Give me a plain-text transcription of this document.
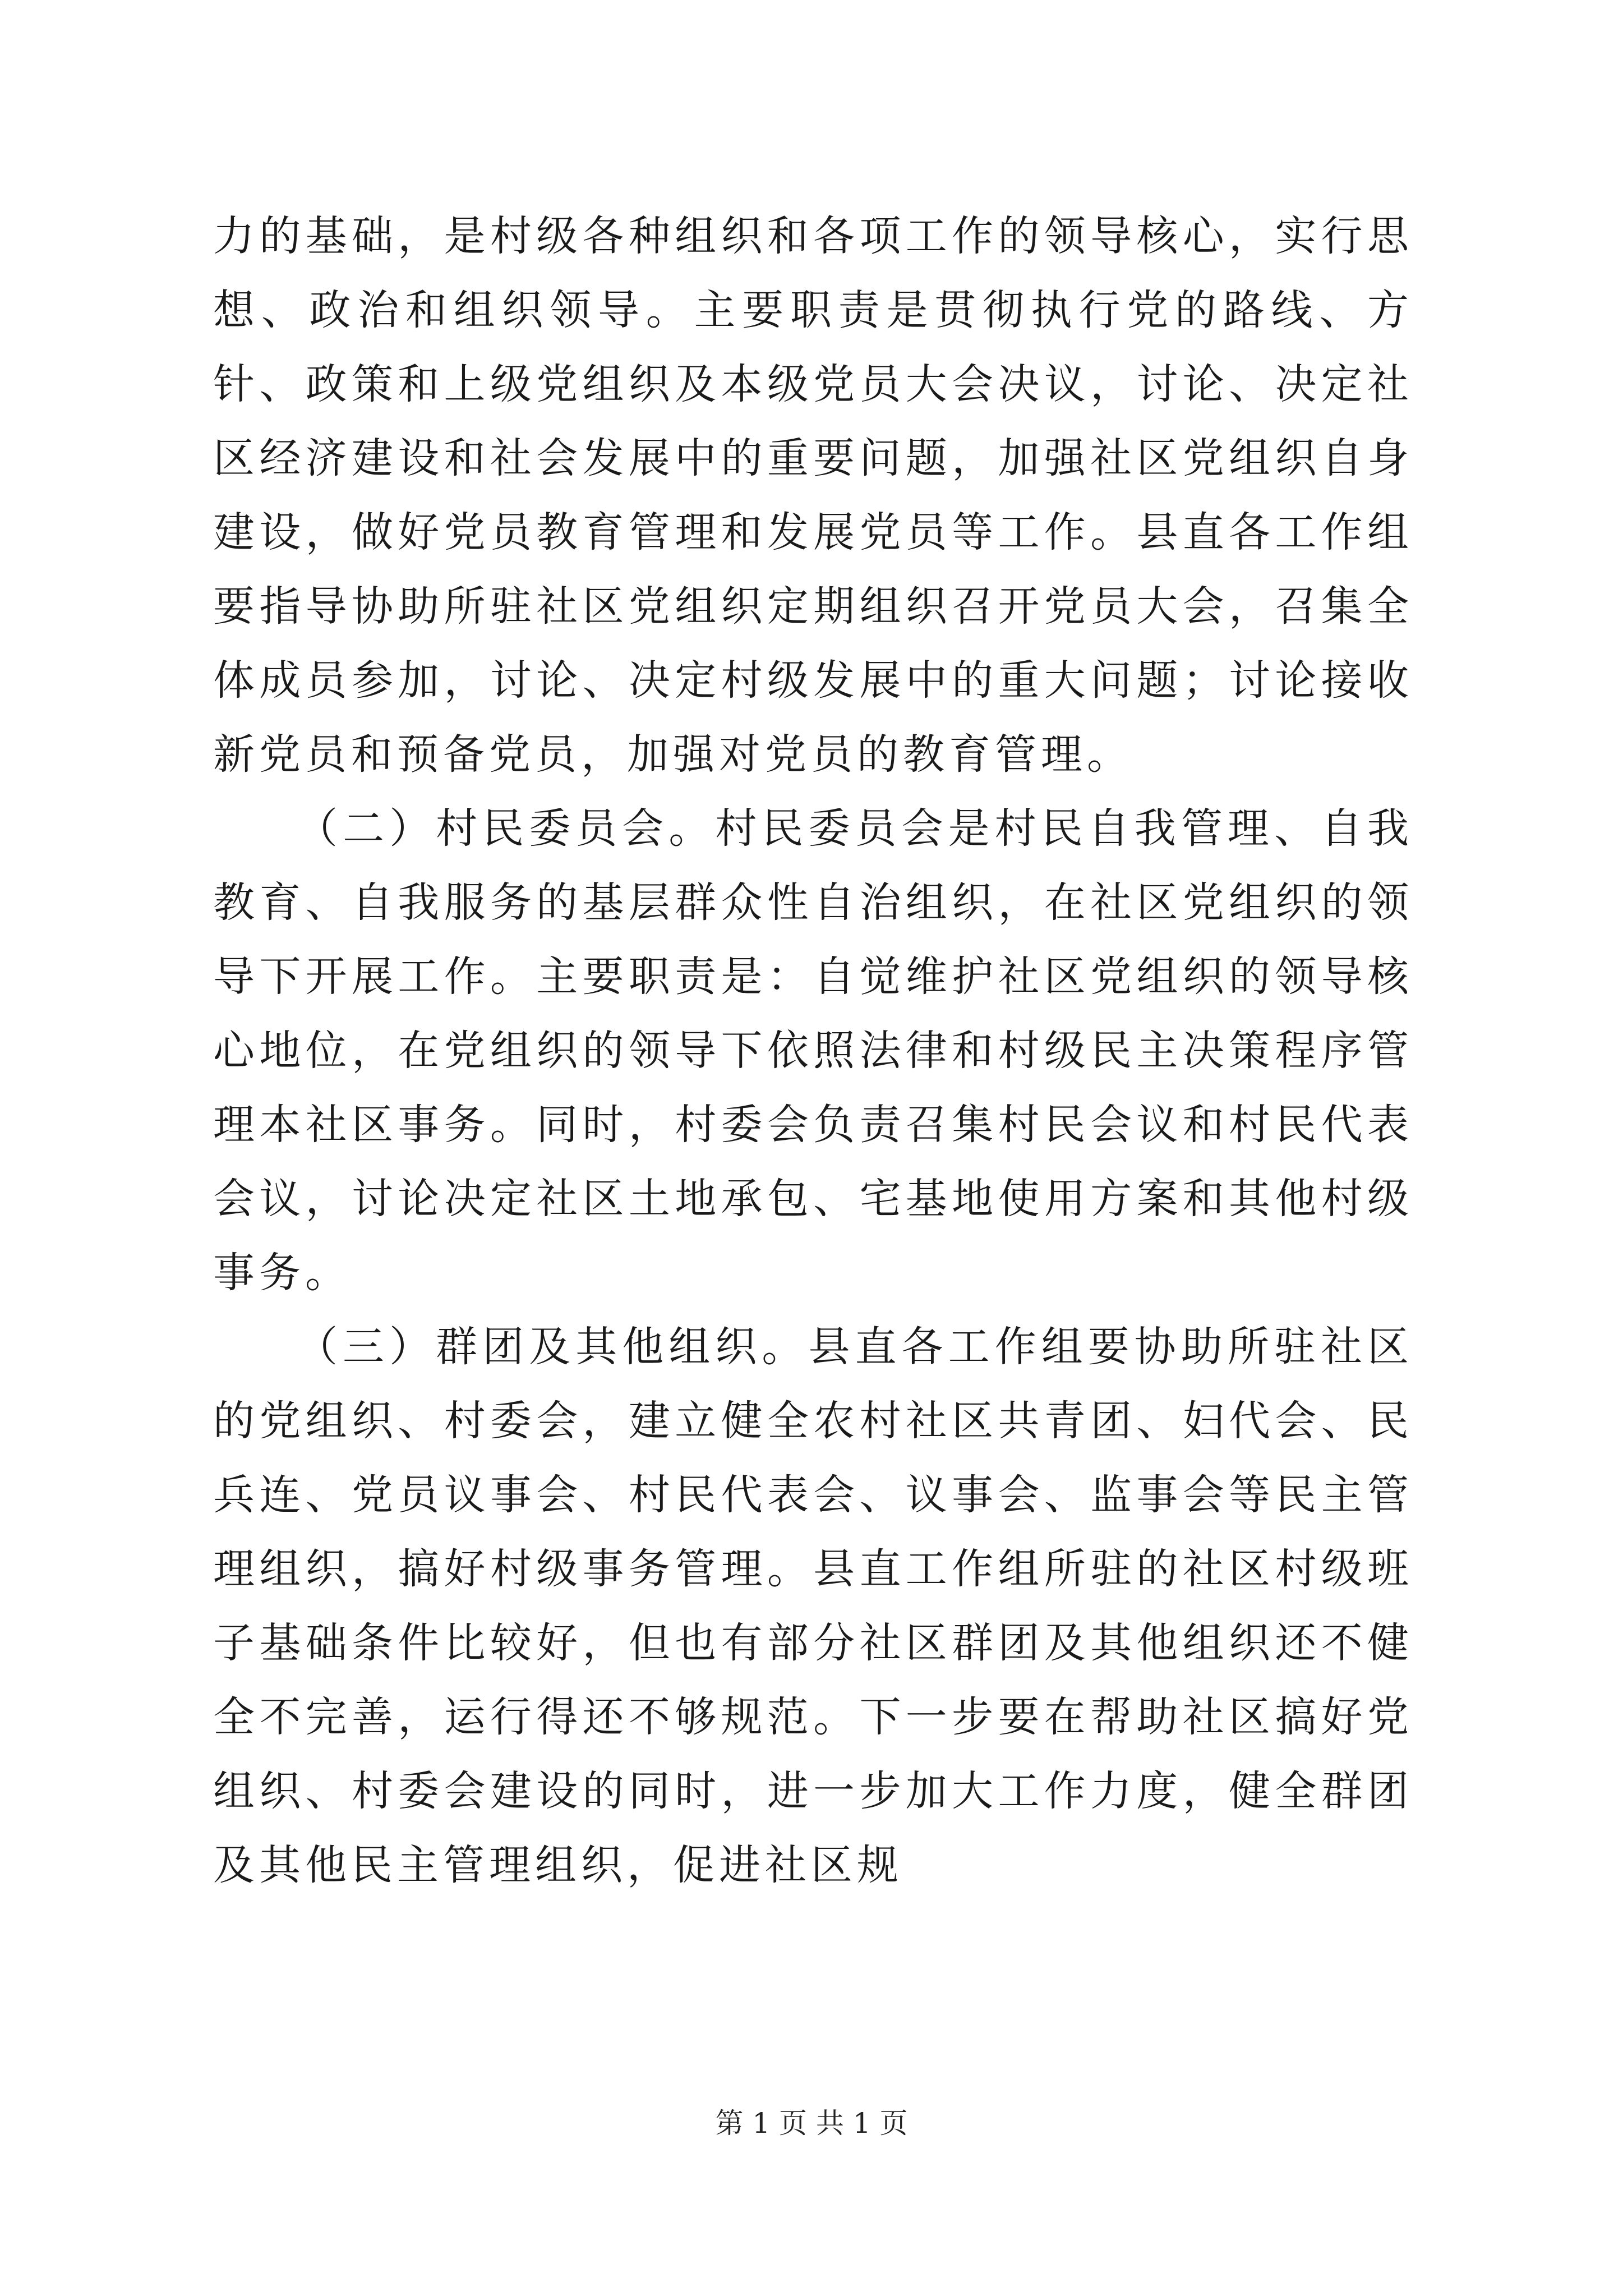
力的基础，是村级各种组织和各项工作的领导核心，实行思想、政治和组织领导。主要职责是贯彻执行党的路线、方针、政策和上级党组织及本级党员大会决议，讨论、决定社区经济建设和社会发展中的重要问题，加强社区党组织自身建设，做好党员教育管理和发展党员等工作。县直各工作组要指导协助所驻社区党组织定期组织召开党员大会，召集全体成员参加，讨论、决定村级发展中的重大问题；讨论接收新党员和预备党员，加强对党员的教育管理。

（二）村民委员会。村民委员会是村民自我管理、自我教育、自我服务的基层群众性自治组织，在社区党组织的领导下开展工作。主要职责是：自觉维护社区党组织的领导核心地位，在党组织的领导下依照法律和村级民主决策程序管理本社区事务。同时，村委会负责召集村民会议和村民代表会议，讨论决定社区土地承包、宅基地使用方案和其他村级事务。

（三）群团及其他组织。县直各工作组要协助所驻社区的党组织、村委会，建立健全农村社区共青团、妇代会、民兵连、党员议事会、村民代表会、议事会、监事会等民主管理组织，搞好村级事务管理。县直工作组所驻的社区村级班子基础条件比较好，但也有部分社区群团及其他组织还不健全不完善，运行得还不够规范。下一步要在帮助社区搞好党组织、村委会建设的同时，进一步加大工作力度，健全群团及其他民主管理组织，促进社区规

第 1 页 共 1 页
